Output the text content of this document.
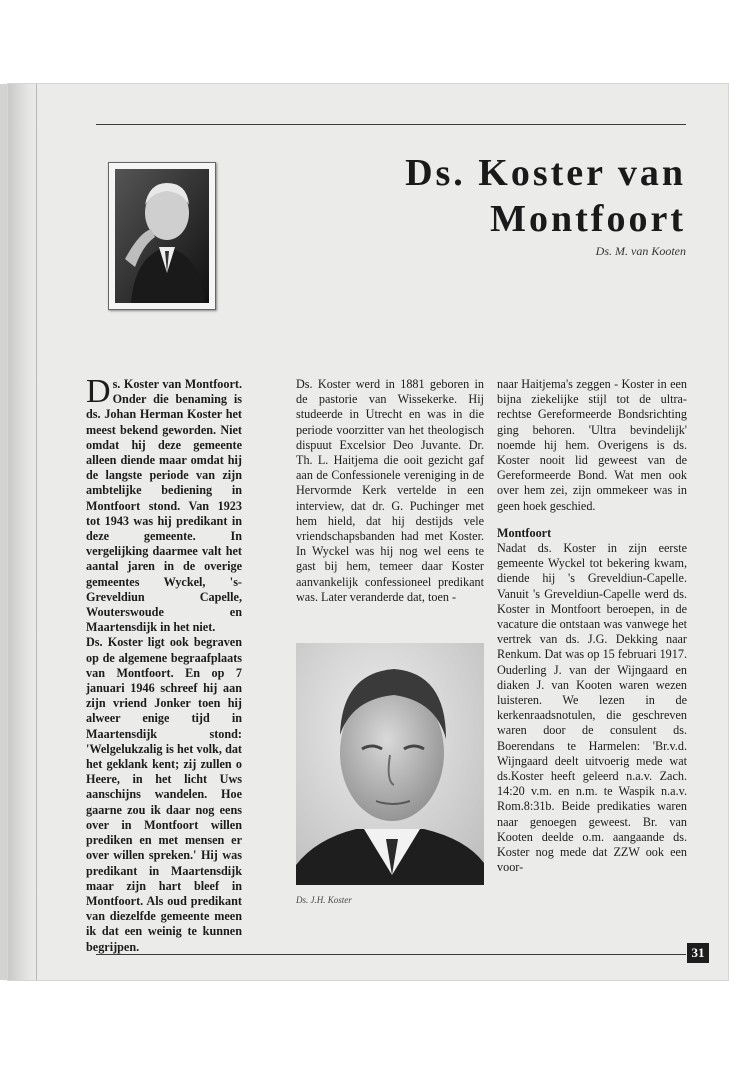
Ds. Koster van
Montfoort
Ds. M. van Kooten

D s. Koster van Montfoort. Onder die benaming is ds. Johan Herman Koster het meest bekend geworden. Niet omdat hij deze gemeente alleen diende maar omdat hij de langste periode van zijn ambtelijke bediening in Montfoort stond. Van 1923 tot 1943 was hij predikant in deze gemeente. In vergelijking daarmee valt het aantal jaren in de overige gemeentes Wyckel, 's-Greveldiun Capelle, Wouterswoude en Maartensdijk in het niet.

Ds. Koster ligt ook begraven op de algemene begraafplaats van Montfoort. En op 7 januari 1946 schreef hij aan zijn vriend Jonker toen hij alweer enige tijd in Maartensdijk stond: 'Welgelukzalig is het volk, dat het geklank kent; zij zullen o Heere, in het licht Uws aanschijns wandelen. Hoe gaarne zou ik daar nog eens over in Montfoort willen prediken en met mensen er over willen spreken.' Hij was predikant in Maartensdijk maar zijn hart bleef in Montfoort. Als oud predikant van diezelfde gemeente meen ik dat een weinig te kunnen begrijpen.

Ds. Koster werd in 1881 geboren in de pastorie van Wissekerke. Hij studeerde in Utrecht en was in die periode voorzitter van het theologisch dispuut Excelsior Deo Juvante. Dr. Th. L. Haitjema die ooit gezicht gaf aan de Confessionele vereniging in de Hervormde Kerk vertelde in een interview, dat dr. G. Puchinger met hem hield, dat hij destijds vele vriendschapsbanden had met Koster. In Wyckel was hij nog wel eens te gast bij hem, temeer daar Koster aanvankelijk confessioneel predikant was. Later veranderde dat, toen -

Ds. J.H. Koster

naar Haitjema's zeggen - Koster in een bijna ziekelijke stijl tot de ultra-rechtse Gereformeerde Bondsrichting ging behoren. 'Ultra bevindelijk' noemde hij hem. Overigens is ds. Koster nooit lid geweest van de Gereformeerde Bond. Wat men ook over hem zei, zijn ommekeer was in geen hoek geschied.

Montfoort

Nadat ds. Koster in zijn eerste gemeente Wyckel tot bekering kwam, diende hij 's Greveldiun-Capelle. Vanuit 's Greveldiun-Capelle werd ds. Koster in Montfoort beroepen, in de vacature die ontstaan was vanwege het vertrek van ds. J.G. Dekking naar Renkum. Dat was op 15 februari 1917. Ouderling J. van der Wijngaard en diaken J. van Kooten waren wezen luisteren. We lezen in de kerkenraadsnotulen, die geschreven waren door de consulent ds. Boerendans te Harmelen: 'Br.v.d. Wijngaard deelt uitvoerig mede wat ds.Koster heeft geleerd n.a.v. Zach. 14:20 v.m. en n.m. te Waspik n.a.v. Rom.8:31b. Beide predikaties waren naar genoegen geweest. Br. van Kooten deelde o.m. aangaande ds. Koster nog mede dat ZZW ook een voor-

31
